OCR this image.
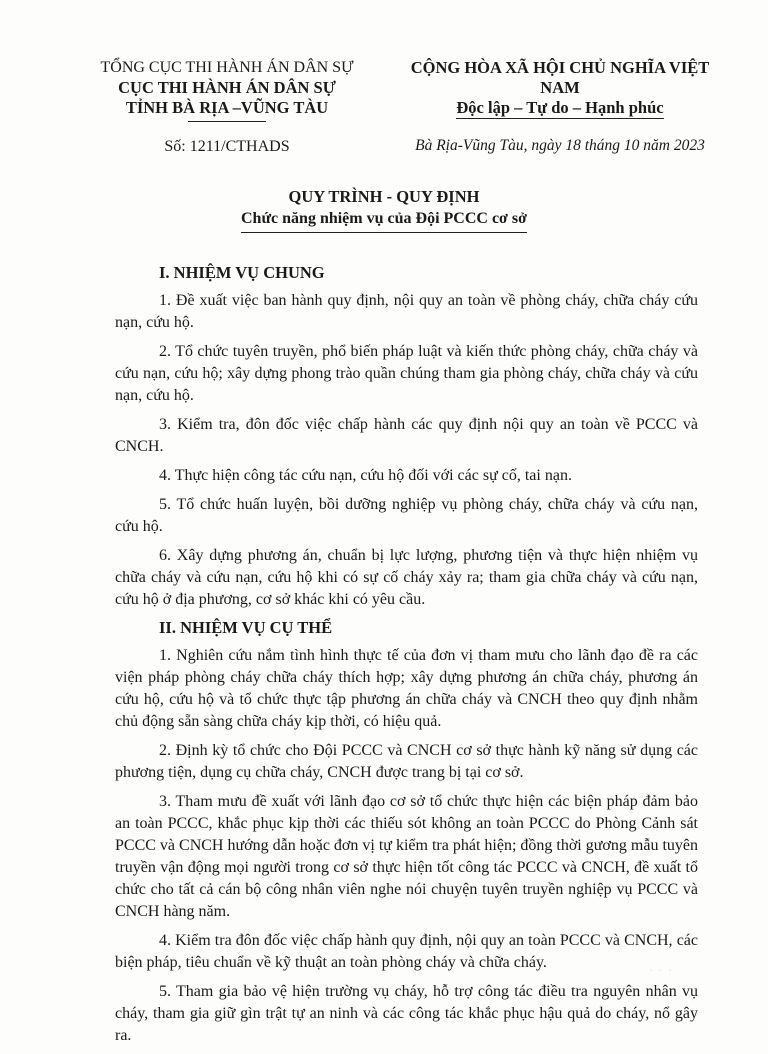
TỔNG CỤC THI HÀNH ÁN DÂN SỰ
CỤC THI HÀNH ÁN DÂN SỰ
TỈNH BÀ RỊA –VŨNG TÀU
Số: 1211/CTHADS
CỘNG HÒA XÃ HỘI CHỦ NGHĨA VIỆT NAM
Độc lập – Tự do – Hạnh phúc
Bà Rịa-Vũng Tàu, ngày 18 tháng 10 năm 2023
QUY TRÌNH - QUY ĐỊNH
Chức năng nhiệm vụ của Đội PCCC cơ sở
I. NHIỆM VỤ CHUNG

1. Đề xuất việc ban hành quy định, nội quy an toàn về phòng cháy, chữa cháy cứu nạn, cứu hộ.

2. Tổ chức tuyên truyền, phổ biến pháp luật và kiến thức phòng cháy, chữa cháy và cứu nạn, cứu hộ; xây dựng phong trào quần chúng tham gia phòng cháy, chữa cháy và cứu nạn, cứu hộ.

3. Kiểm tra, đôn đốc việc chấp hành các quy định nội quy an toàn về PCCC và CNCH.

4. Thực hiện công tác cứu nạn, cứu hộ đối với các sự cố, tai nạn.

5. Tổ chức huấn luyện, bồi dưỡng nghiệp vụ phòng cháy, chữa cháy và cứu nạn, cứu hộ.

6. Xây dựng phương án, chuẩn bị lực lượng, phương tiện và thực hiện nhiệm vụ chữa cháy và cứu nạn, cứu hộ khi có sự cố cháy xảy ra; tham gia chữa cháy và cứu nạn, cứu hộ ở địa phương, cơ sở khác khi có yêu cầu.

II. NHIỆM VỤ CỤ THỂ

1. Nghiên cứu nắm tình hình thực tế của đơn vị tham mưu cho lãnh đạo đề ra các viện pháp phòng cháy chữa cháy thích hợp; xây dựng phương án chữa cháy, phương án cứu hộ, cứu hộ và tổ chức thực tập phương án chữa cháy và CNCH theo quy định nhằm chủ động sẵn sàng chữa cháy kịp thời, có hiệu quả.

2. Định kỳ tổ chức cho Đội PCCC và CNCH cơ sở thực hành kỹ năng sử dụng các phương tiện, dụng cụ chữa cháy, CNCH được trang bị tại cơ sở.

3. Tham mưu đề xuất với lãnh đạo cơ sở tổ chức thực hiện các biện pháp đảm bảo an toàn PCCC, khắc phục kịp thời các thiếu sót không an toàn PCCC do Phòng Cảnh sát PCCC và CNCH hướng dẫn hoặc đơn vị tự kiểm tra phát hiện; đồng thời gương mẫu tuyên truyền vận động mọi người trong cơ sở thực hiện tốt công tác PCCC và CNCH, đề xuất tổ chức cho tất cả cán bộ công nhân viên nghe nói chuyện tuyên truyền nghiệp vụ PCCC và CNCH hàng năm.

4. Kiểm tra đôn đốc việc chấp hành quy định, nội quy an toàn PCCC và CNCH, các biện pháp, tiêu chuẩn về kỹ thuật an toàn phòng cháy và chữa cháy.

5. Tham gia bảo vệ hiện trường vụ cháy, hỗ trợ công tác điều tra nguyên nhân vụ cháy, tham gia giữ gìn trật tự an ninh và các công tác khắc phục hậu quả do cháy, nổ gây ra.

· · ·
